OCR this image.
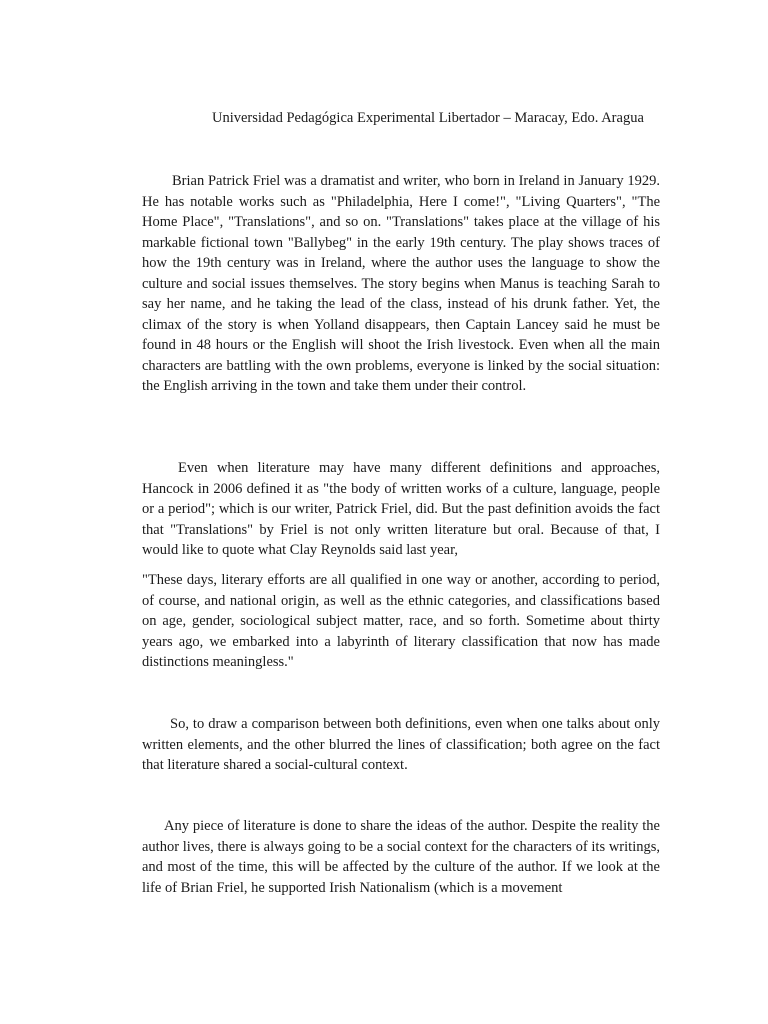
Universidad Pedagógica Experimental Libertador – Maracay, Edo. Aragua

Brian Patrick Friel was a dramatist and writer, who born in Ireland in January 1929. He has notable works such as "Philadelphia, Here I come!", "Living Quarters", "The Home Place", "Translations", and so on. "Translations" takes place at the village of his markable fictional town "Ballybeg" in the early 19th century. The play shows traces of how the 19th century was in Ireland, where the author uses the language to show the culture and social issues themselves. The story begins when Manus is teaching Sarah to say her name, and he taking the lead of the class, instead of his drunk father. Yet, the climax of the story is when Yolland disappears, then Captain Lancey said he must be found in 48 hours or the English will shoot the Irish livestock. Even when all the main characters are battling with the own problems, everyone is linked by the social situation: the English arriving in the town and take them under their control.

Even when literature may have many different definitions and approaches, Hancock in 2006 defined it as "the body of written works of a culture, language, people or a period"; which is our writer, Patrick Friel, did. But the past definition avoids the fact that "Translations" by Friel is not only written literature but oral. Because of that, I would like to quote what Clay Reynolds said last year,

"These days, literary efforts are all qualified in one way or another, according to period, of course, and national origin, as well as the ethnic categories, and classifications based on age, gender, sociological subject matter, race, and so forth. Sometime about thirty years ago, we embarked into a labyrinth of literary classification that now has made distinctions meaningless."

So, to draw a comparison between both definitions, even when one talks about only written elements, and the other blurred the lines of classification; both agree on the fact that literature shared a social-cultural context.

Any piece of literature is done to share the ideas of the author. Despite the reality the author lives, there is always going to be a social context for the characters of its writings, and most of the time, this will be affected by the culture of the author. If we look at the life of Brian Friel, he supported Irish Nationalism (which is a movement
